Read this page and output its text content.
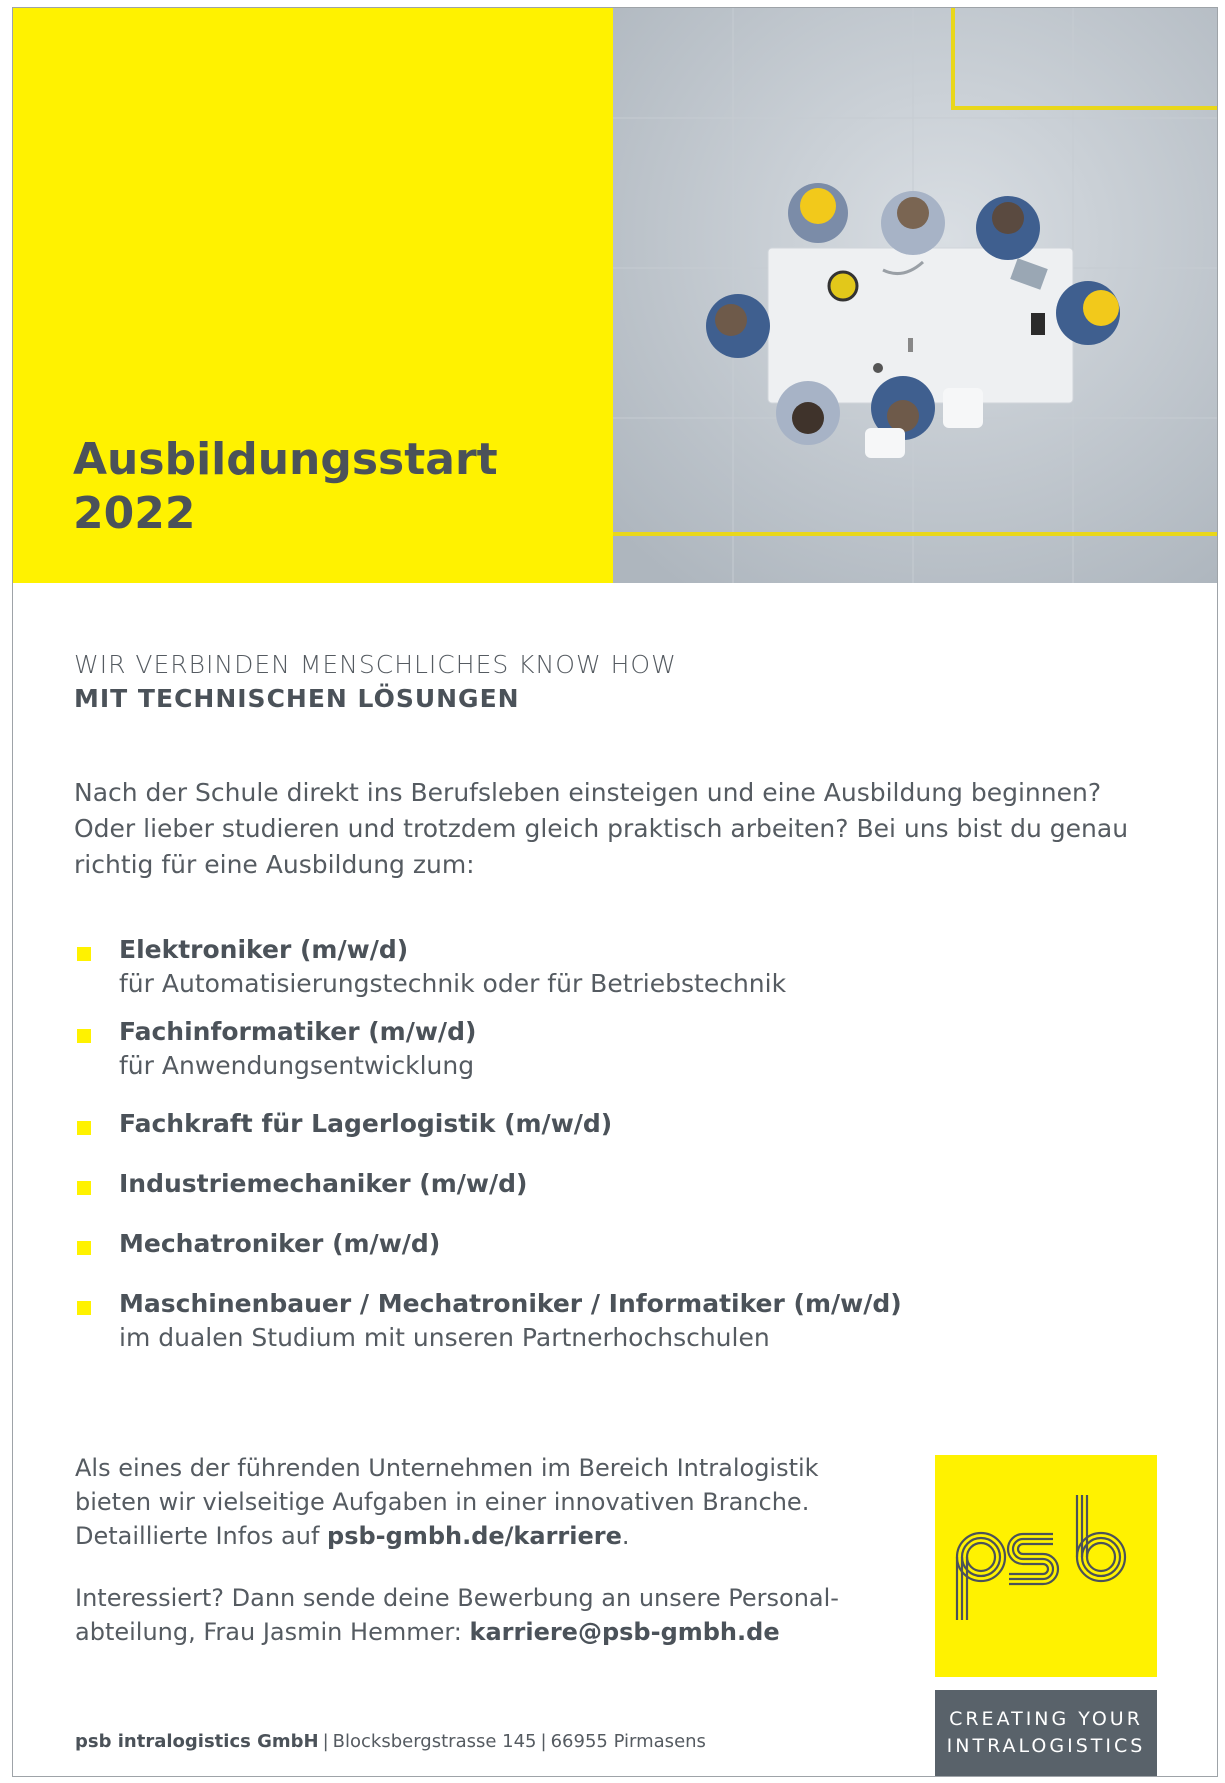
Ausbildungsstart
2022
WIR VERBINDEN MENSCHLICHES KNOW HOW
MIT TECHNISCHEN LÖSUNGEN

Nach der Schule direkt ins Berufsleben einsteigen und eine Ausbildung beginnen? Oder lieber studieren und trotzdem gleich praktisch arbeiten? Bei uns bist du genau richtig für eine Ausbildung zum:

Elektroniker (m/w/d)
für Automatisierungstechnik oder für Betriebstechnik
Fachinformatiker (m/w/d)
für Anwendungsentwicklung
Fachkraft für Lagerlogistik (m/w/d)
Industriemechaniker (m/w/d)
Mechatroniker (m/w/d)
Maschinenbauer / Mechatroniker / Informatiker (m/w/d)
im dualen Studium mit unseren Partnerhochschulen

Als eines der führenden Unternehmen im Bereich Intralogistik
bieten wir vielseitige Aufgaben in einer innovativen Branche.
Detaillierte Infos auf psb-gmbh.de/karriere.

Interessiert? Dann sende deine Bewerbung an unsere Personal-
abteilung, Frau Jasmin Hemmer: karriere@psb-gmbh.de

psb intralogistics GmbH | Blocksbergstrasse 145 | 66955 Pirmasens
CREATING YOUR
INTRALOGISTICS
